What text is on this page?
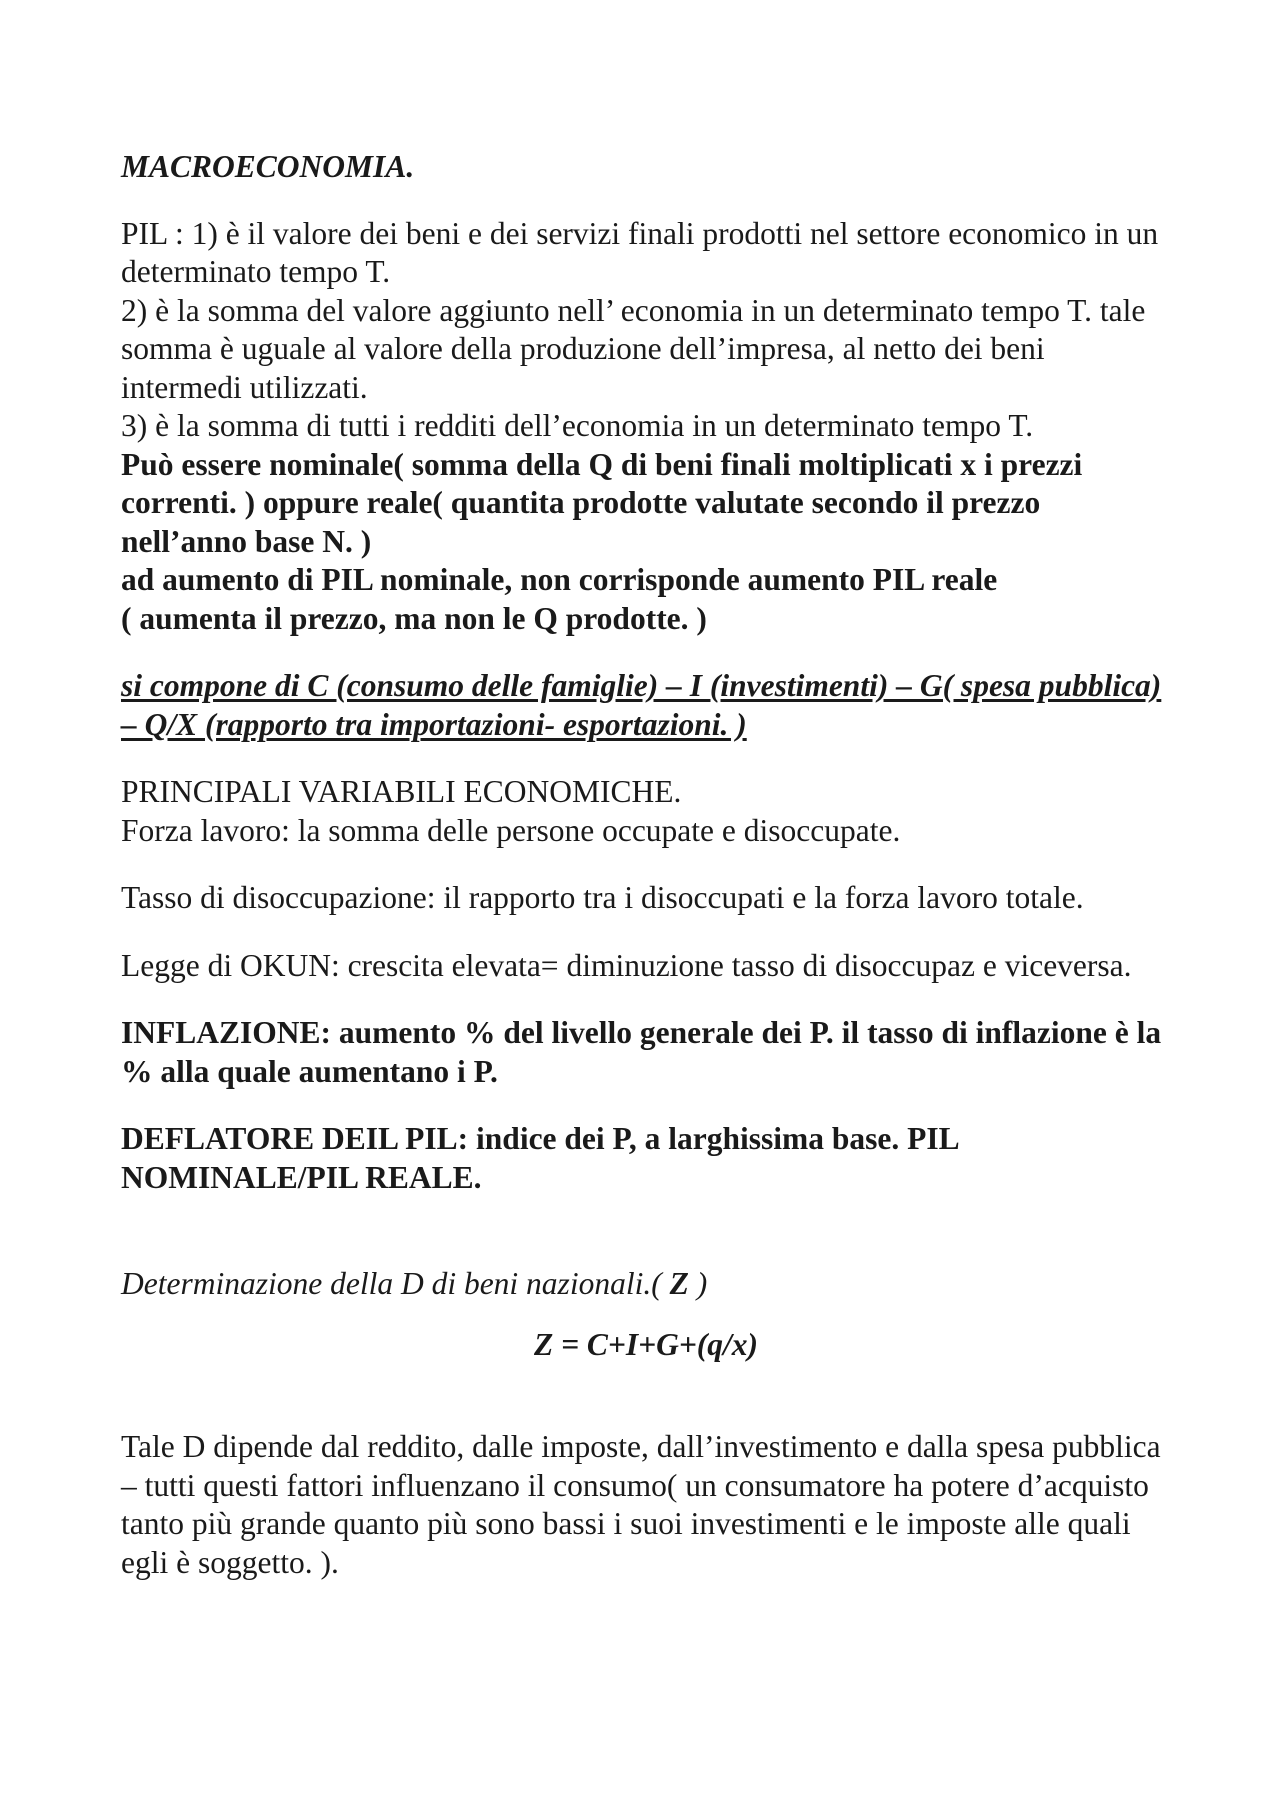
MACROECONOMIA.

PIL : 1) è il valore dei beni e dei servizi finali prodotti nel settore economico in un determinato tempo T.

2) è la somma del valore aggiunto nell’ economia in un determinato tempo T. tale somma è uguale al valore della produzione dell’impresa, al netto dei beni intermedi utilizzati.

3) è la somma di tutti i redditi dell’economia in un determinato tempo T.

Può essere nominale( somma della Q di beni finali moltiplicati x i prezzi correnti. ) oppure reale( quantita prodotte valutate secondo il prezzo nell’anno base N. )

ad aumento di PIL nominale, non corrisponde aumento PIL reale

( aumenta il prezzo, ma non le Q prodotte. )

si compone di C (consumo delle famiglie) – I (investimenti) – G( spesa pubblica) – Q/X (rapporto tra importazioni- esportazioni. )

PRINCIPALI VARIABILI ECONOMICHE.

Forza lavoro: la somma delle persone occupate e disoccupate.

Tasso di disoccupazione: il rapporto tra i disoccupati e la forza lavoro totale.

Legge di OKUN: crescita elevata= diminuzione tasso di disoccupaz e viceversa.

INFLAZIONE: aumento % del livello generale dei P. il tasso di inflazione è la % alla quale aumentano i P.

DEFLATORE DEIL PIL: indice dei P, a larghissima base. PIL NOMINALE/PIL REALE.

Determinazione della D di beni nazionali.( Z )

Z = C+I+G+(q/x)

Tale D dipende dal reddito, dalle imposte, dall’investimento e dalla spesa pubblica – tutti questi fattori influenzano il consumo( un consumatore ha potere d’acquisto tanto più grande quanto più sono bassi i suoi investimenti e le imposte alle quali egli è soggetto. ).
